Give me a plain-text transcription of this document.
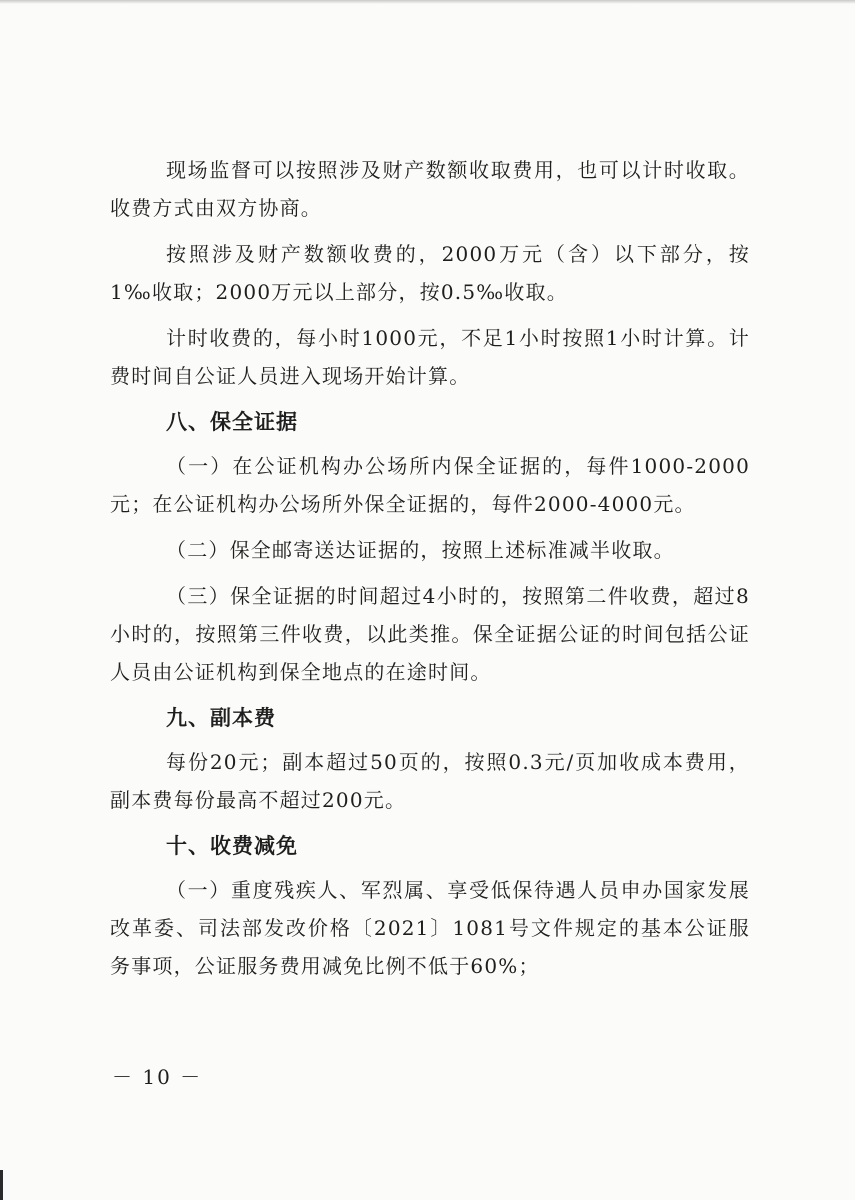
现场监督可以按照涉及财产数额收取费用，也可以计时收取。收费方式由双方协商。

按照涉及财产数额收费的，2000万元（含）以下部分，按1‰收取；2000万元以上部分，按0.5‰收取。

计时收费的，每小时1000元，不足1小时按照1小时计算。计费时间自公证人员进入现场开始计算。

八、保全证据

（一）在公证机构办公场所内保全证据的，每件1000-2000元；在公证机构办公场所外保全证据的，每件2000-4000元。

（二）保全邮寄送达证据的，按照上述标准减半收取。

（三）保全证据的时间超过4小时的，按照第二件收费，超过8小时的，按照第三件收费，以此类推。保全证据公证的时间包括公证人员由公证机构到保全地点的在途时间。

九、副本费

每份20元；副本超过50页的，按照0.3元/页加收成本费用，副本费每份最高不超过200元。

十、收费减免

（一）重度残疾人、军烈属、享受低保待遇人员申办国家发展改革委、司法部发改价格〔2021〕1081号文件规定的基本公证服务事项，公证服务费用减免比例不低于60%；

－ 10 －
